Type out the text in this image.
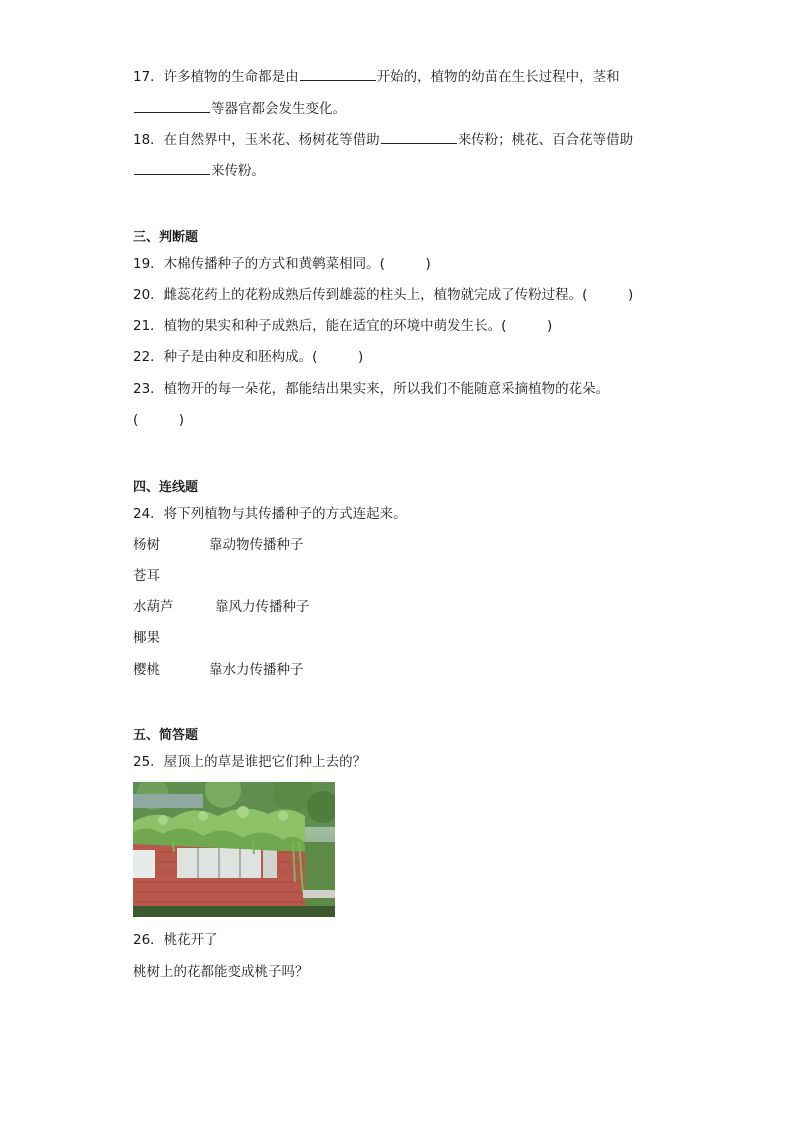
17．许多植物的生命都是由	开始的，植物的幼苗在生长过程中，茎和
等器官都会发生变化。
18．在自然界中，玉米花、杨树花等借助	来传粉；桃花、百合花等借助
来传粉。
三、判断题
19．木棉传播种子的方式和黄鹌菜相同。(　　　)
20．雌蕊花药上的花粉成熟后传到雄蕊的柱头上，植物就完成了传粉过程。(　　　)
21．植物的果实和种子成熟后，能在适宜的环境中萌发生长。(　　　)
22．种子是由种皮和胚构成。(　　　)
23．植物开的每一朵花，都能结出果实来，所以我们不能随意采摘植物的花朵。
(　　　)
四、连线题
24．将下列植物与其传播种子的方式连起来。
杨树	靠动物传播种子
苍耳
水葫芦	靠风力传播种子
椰果
樱桃	靠水力传播种子
五、简答题
25．屋顶上的草是谁把它们种上去的？
26．桃花开了
桃树上的花都能变成桃子吗？
